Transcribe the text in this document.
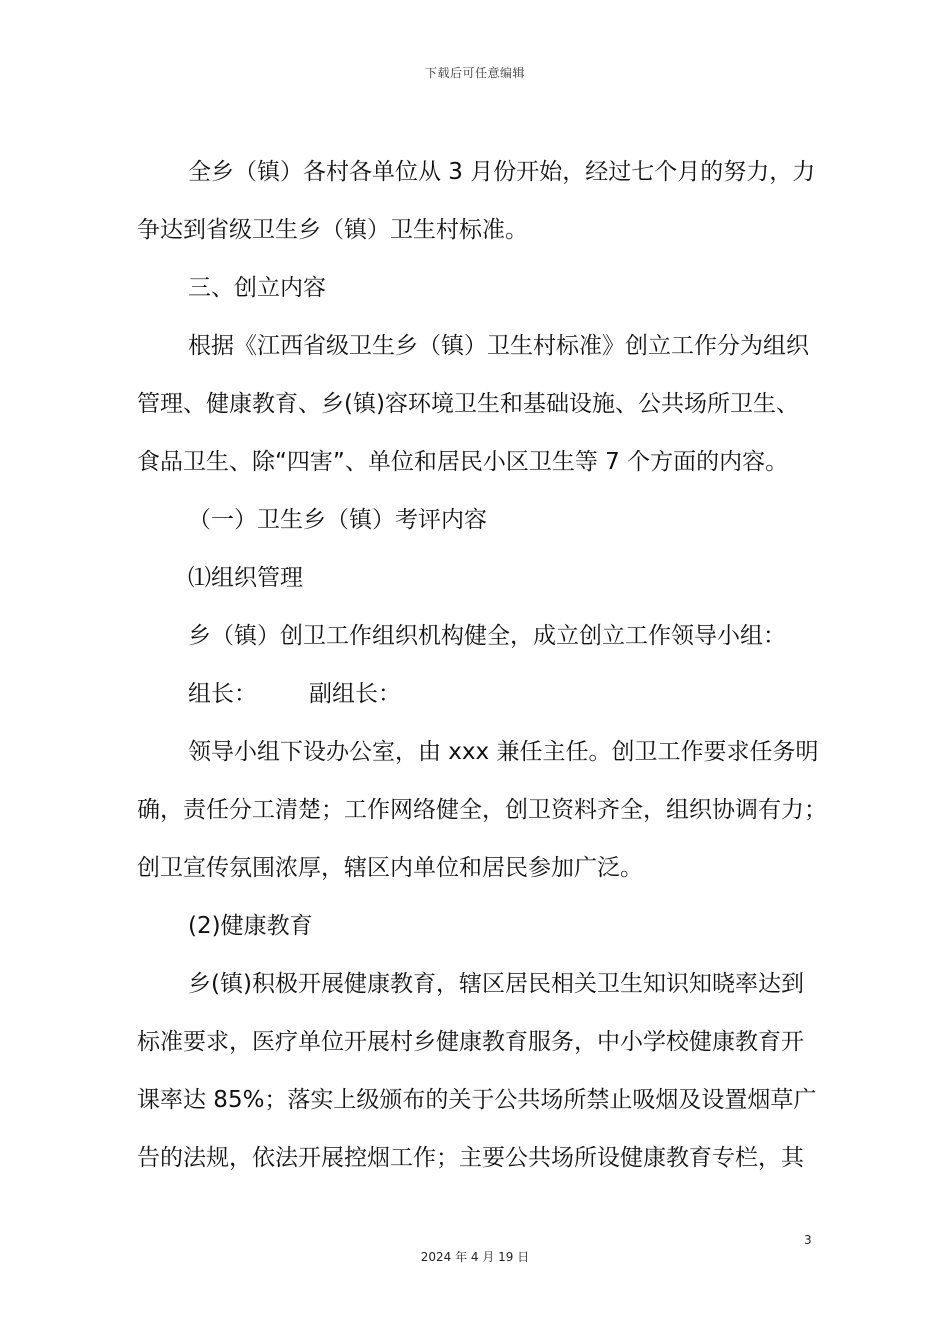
下载后可任意编辑

全乡（镇）各村各单位从 3 月份开始，经过七个月的努力，力
争达到省级卫生乡（镇）卫生村标准。

三、创立内容

根据《江西省级卫生乡（镇）卫生村标准》创立工作分为组织
管理、健康教育、乡(镇)容环境卫生和基础设施、公共场所卫生、
食品卫生、除“四害”、单位和居民小区卫生等 7 个方面的内容。

（一）卫生乡（镇）考评内容

⑴组织管理

乡（镇）创卫工作组织机构健全，成立创立工作领导小组：

组长： 副组长：

领导小组下设办公室，由 xxx 兼任主任。创卫工作要求任务明
确，责任分工清楚；工作网络健全，创卫资料齐全，组织协调有力；
创卫宣传氛围浓厚，辖区内单位和居民参加广泛。

(2)健康教育

乡(镇)积极开展健康教育，辖区居民相关卫生知识知晓率达到
标准要求，医疗单位开展村乡健康教育服务，中小学校健康教育开
课率达 85%；落实上级颁布的关于公共场所禁止吸烟及设置烟草广
告的法规，依法开展控烟工作；主要公共场所设健康教育专栏，其

3
2024 年 4 月 19 日
